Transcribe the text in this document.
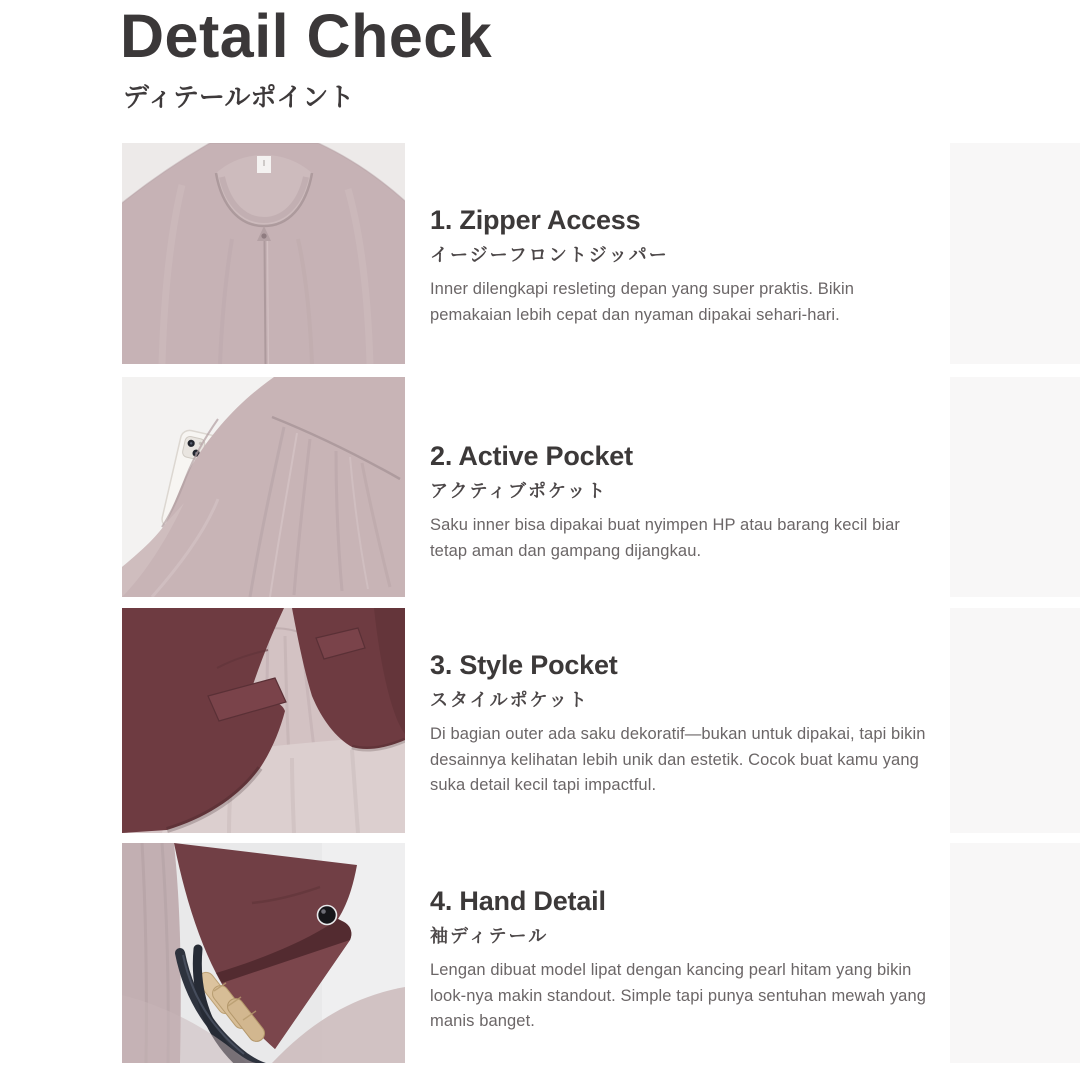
Detail Check
ディテールポイント
1. Zipper Access
イージーフロントジッパー

Inner dilengkapi resleting depan yang super praktis. Bikin pemakaian lebih cepat dan nyaman dipakai sehari-hari.

2. Active Pocket
アクティブポケット

Saku inner bisa dipakai buat nyimpen HP atau barang kecil biar tetap aman dan gampang dijangkau.

3. Style Pocket
スタイルポケット

Di bagian outer ada saku dekoratif—bukan untuk dipakai, tapi bikin desainnya kelihatan lebih unik dan estetik. Cocok buat kamu yang suka detail kecil tapi impactful.

4. Hand Detail
袖ディテール

Lengan dibuat model lipat dengan kancing pearl hitam yang bikin look-nya makin standout. Simple tapi punya sentuhan mewah yang manis banget.
